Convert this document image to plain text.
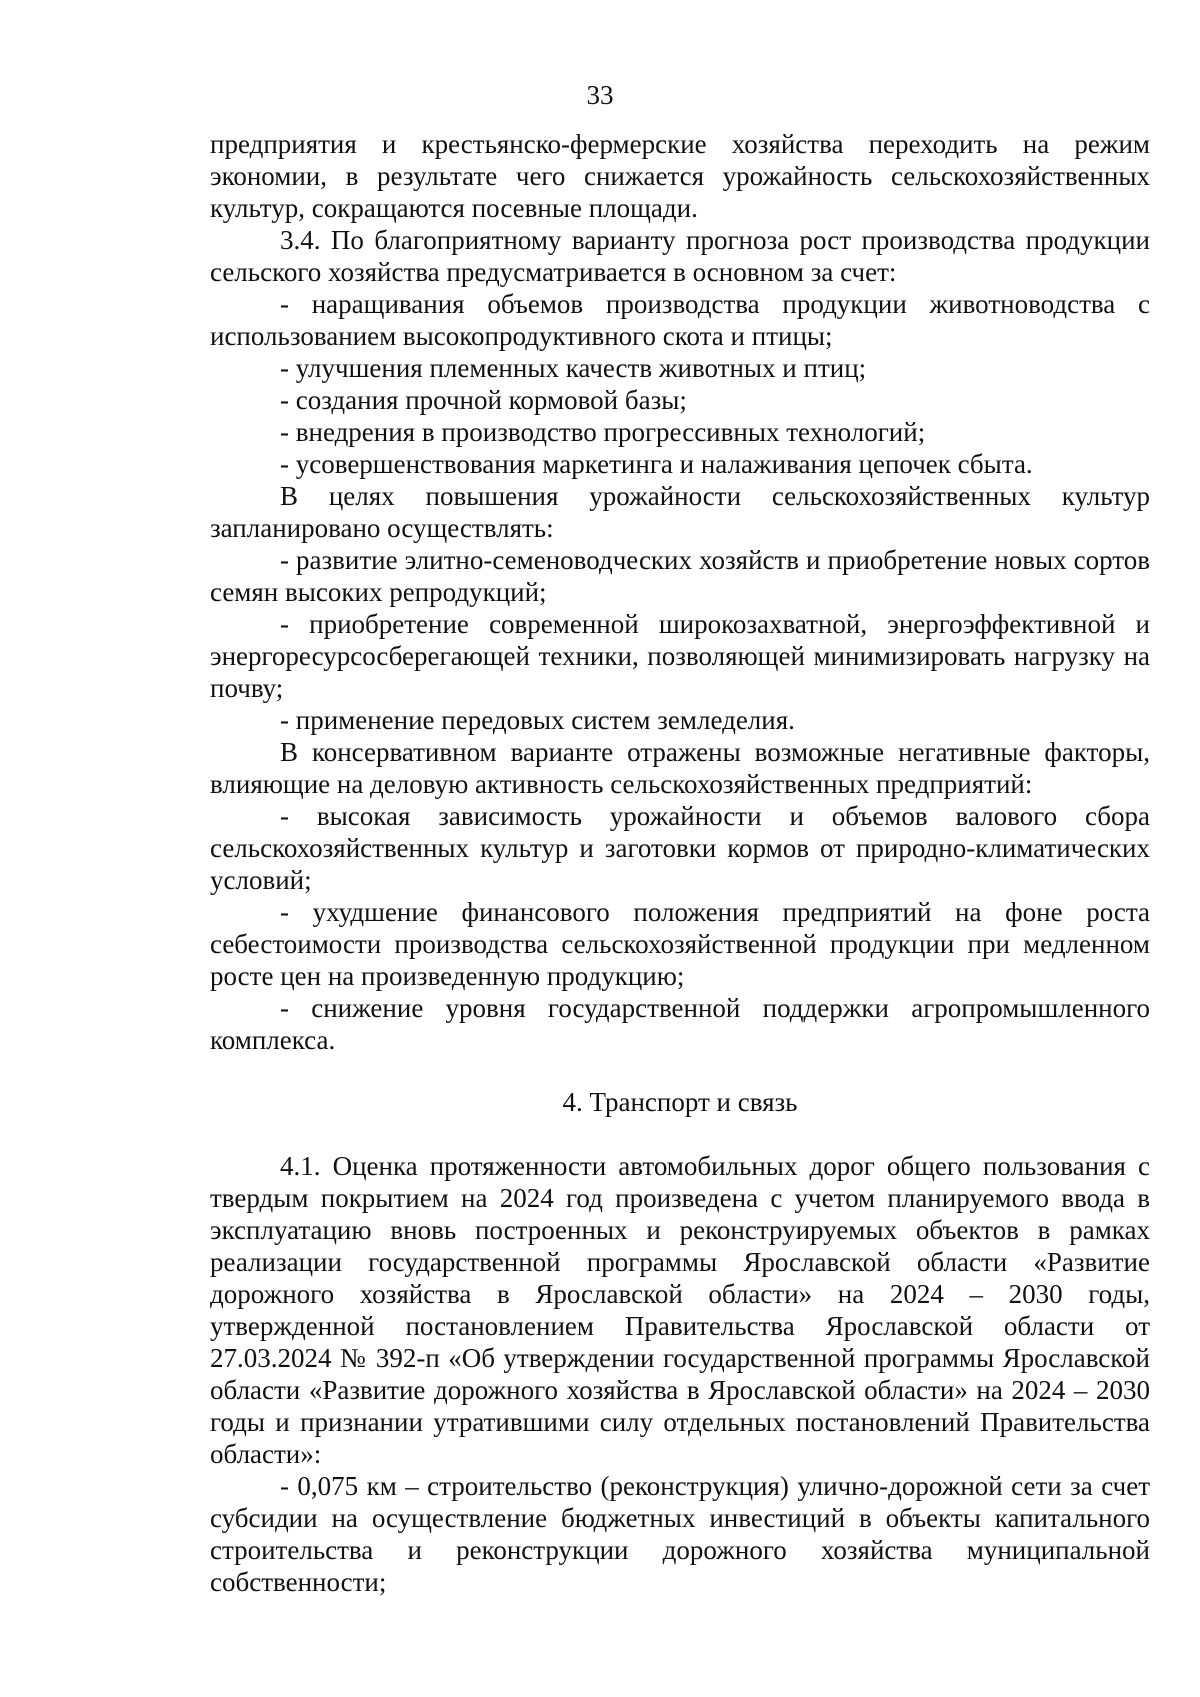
33

предприятия и крестьянско-фермерские хозяйства переходить на режим экономии, в результате чего снижается урожайность сельскохозяйственных культур, сокращаются посевные площади.

3.4. По благоприятному варианту прогноза рост производства продукции сельского хозяйства предусматривается в основном за счет:

- наращивания объемов производства продукции животноводства с использованием высокопродуктивного скота и птицы;

- улучшения племенных качеств животных и птиц;

- создания прочной кормовой базы;

- внедрения в производство прогрессивных технологий;

- усовершенствования маркетинга и налаживания цепочек сбыта.

В целях повышения урожайности сельскохозяйственных культур запланировано осуществлять:

- развитие элитно-семеноводческих хозяйств и приобретение новых сортов семян высоких репродукций;

- приобретение современной широкозахватной, энергоэффективной и энергоресурсосберегающей техники, позволяющей минимизировать нагрузку на почву;

- применение передовых систем земледелия.

В консервативном варианте отражены возможные негативные факторы, влияющие на деловую активность сельскохозяйственных предприятий:

- высокая зависимость урожайности и объемов валового сбора сельскохозяйственных культур и заготовки кормов от природно-климатических условий;

- ухудшение финансового положения предприятий на фоне роста себестоимости производства сельскохозяйственной продукции при медленном росте цен на произведенную продукцию;

- снижение уровня государственной поддержки агропромышленного комплекса.

4. Транспорт и связь

4.1. Оценка протяженности автомобильных дорог общего пользования с твердым покрытием на 2024 год произведена с учетом планируемого ввода в эксплуатацию вновь построенных и реконструируемых объектов в рамках реализации государственной программы Ярославской области «Развитие дорожного хозяйства в Ярославской области» на 2024 – 2030 годы, утвержденной постановлением Правительства Ярославской области от 27.03.2024 № 392-п «Об утверждении государственной программы Ярославской области «Развитие дорожного хозяйства в Ярославской области» на 2024 – 2030 годы и признании утратившими силу отдельных постановлений Правительства области»:

- 0,075 км – строительство (реконструкция) улично-дорожной сети за счет субсидии на осуществление бюджетных инвестиций в объекты капитального строительства и реконструкции дорожного хозяйства муниципальной собственности;
